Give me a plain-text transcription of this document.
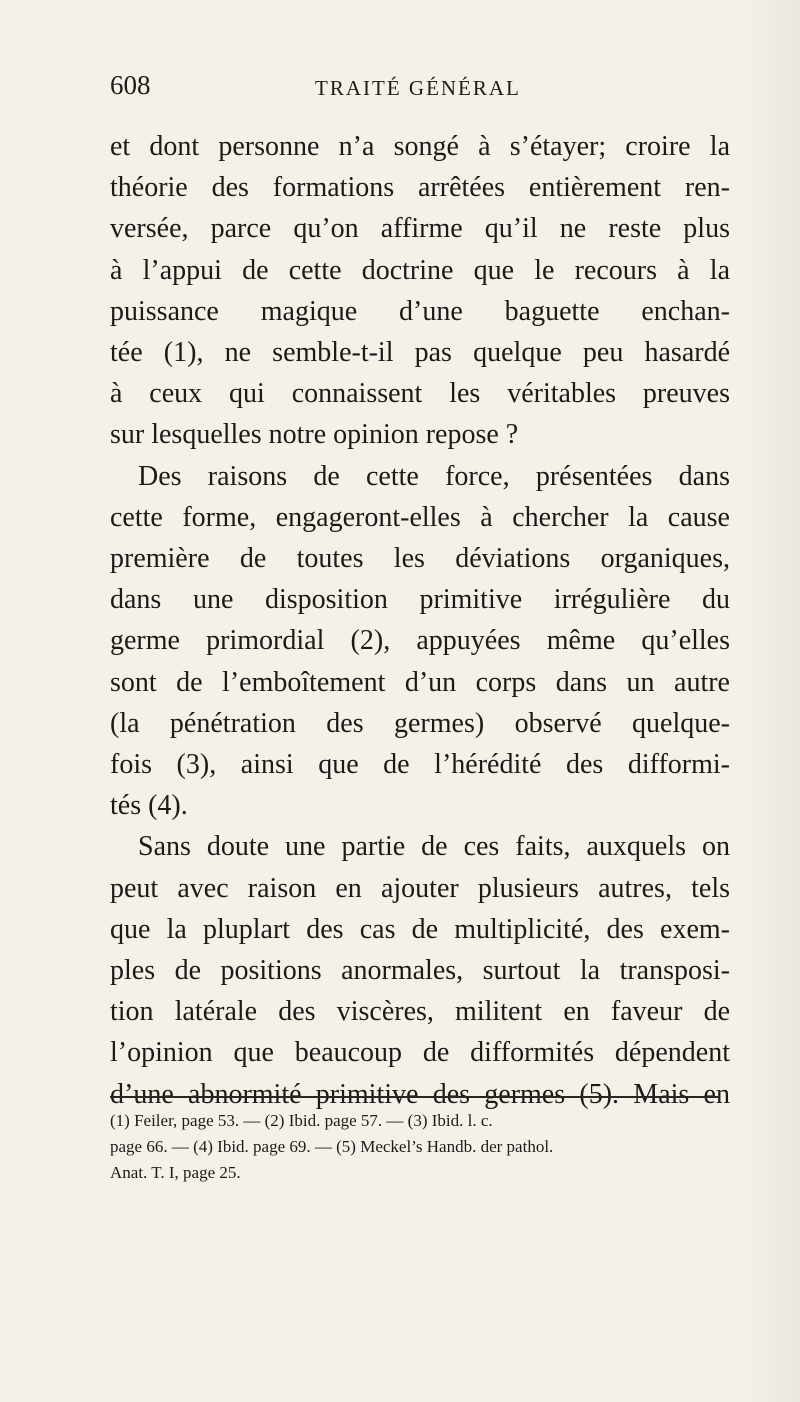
608	TRAITÉ GÉNÉRAL
et dont personne n’a songé à s’étayer; croire la
théorie des formations arrêtées entièrement ren-
versée, parce qu’on affirme qu’il ne reste plus
à l’appui de cette doctrine que le recours à la
puissance magique d’une baguette enchan-
tée (1), ne semble-t-il pas quelque peu hasardé
à ceux qui connaissent les véritables preuves
sur lesquelles notre opinion repose ?
Des raisons de cette force, présentées dans
cette forme, engageront-elles à chercher la cause
première de toutes les déviations organiques,
dans une disposition primitive irrégulière du
germe primordial (2), appuyées même qu’elles
sont de l’emboîtement d’un corps dans un autre
(la pénétration des germes) observé quelque-
fois (3), ainsi que de l’hérédité des difformi-
tés (4).
Sans doute une partie de ces faits, auxquels on
peut avec raison en ajouter plusieurs autres, tels
que la pluplart des cas de multiplicité, des exem-
ples de positions anormales, surtout la transposi-
tion latérale des viscères, militent en faveur de
l’opinion que beaucoup de difformités dépendent
d’une abnormité primitive des germes (5). Mais en
(1) Feiler, page 53. — (2) Ibid. page 57. — (3) Ibid. l. c.
page 66. — (4) Ibid. page 69. — (5) Meckel’s Handb. der pathol.
Anat. T. I, page 25.
